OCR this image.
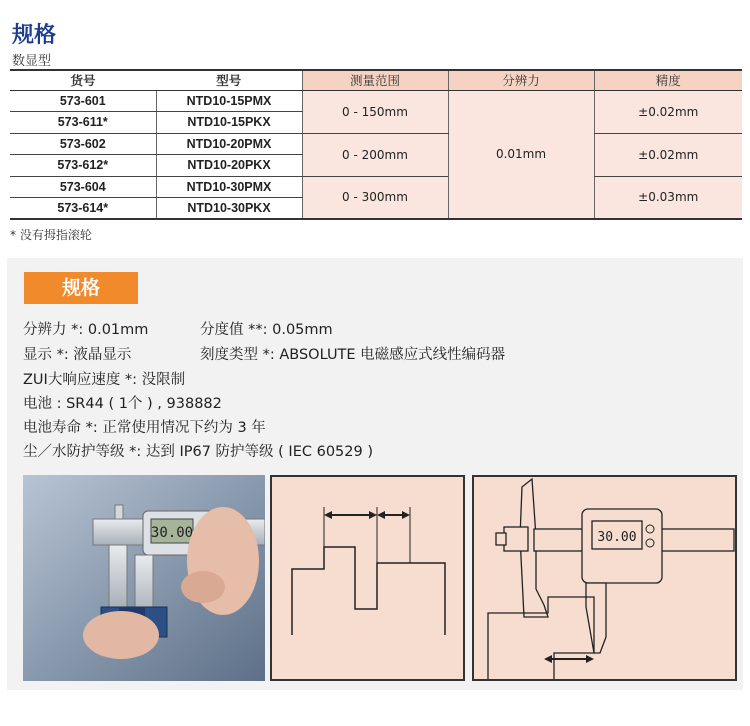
规格
数显型
货号	型号	测量范围	分辨力	精度
573-601	NTD10-15PMX	0 - 150mm	0.01mm	±0.02mm
573-611*	NTD10-15PKX			
573-602	NTD10-20PMX	0 - 200mm		±0.02mm
573-612*	NTD10-20PKX			
573-604	NTD10-30PMX	0 - 300mm		±0.03mm
573-614*	NTD10-30PKX			
* 没有拇指滚轮
规格
分辨力 *: 0.01mm	分度值 **: 0.05mm
显示 *: 液晶显示	刻度类型 *: ABSOLUTE 电磁感应式线性编码器
ZUI大响应速度 *: 没限制
电池 : SR44 ( 1个 ) , 938882
电池寿命 *: 正常使用情况下约为 3 年
尘／水防护等级 *: 达到 IP67 防护等级 ( IEC 60529 )
30.00	30.00
